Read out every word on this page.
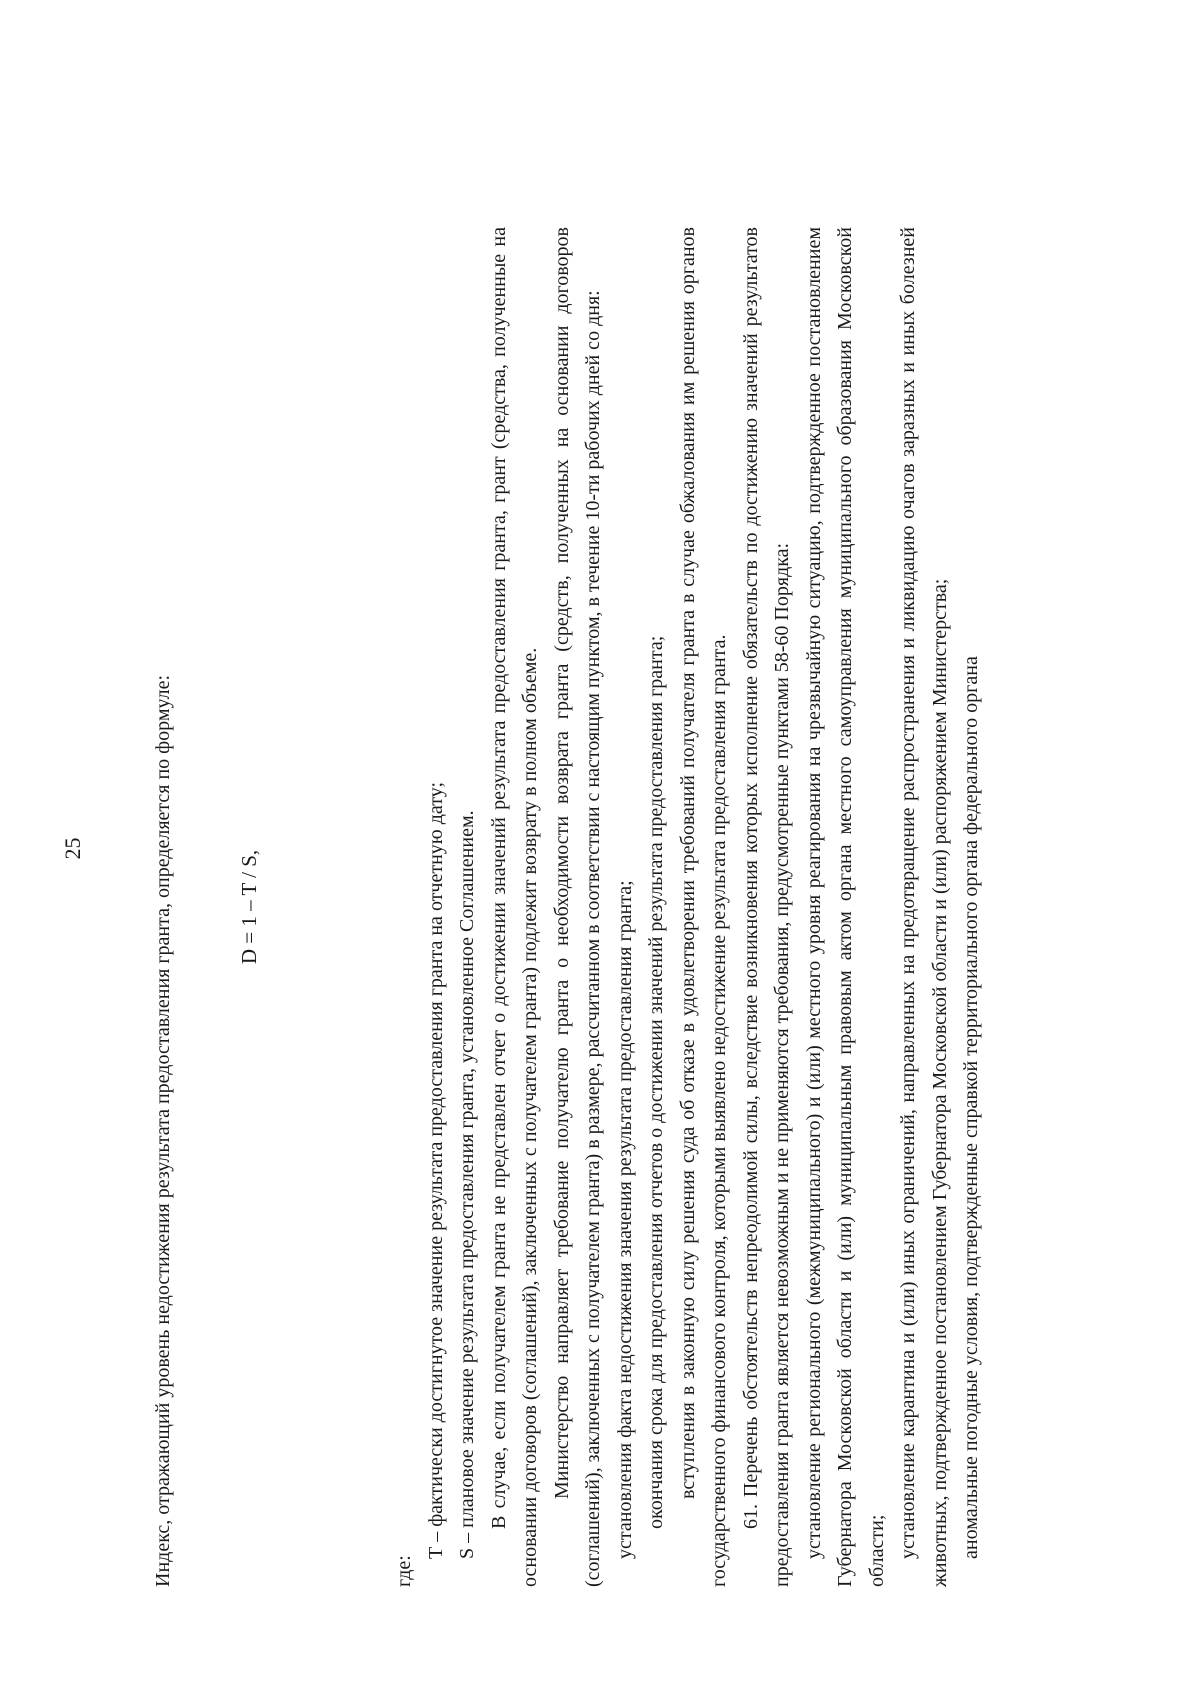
25	Индекс, отражающий уровень недостижения результата предоставления гранта, определяется по формуле:	D = 1 – T / S,

где:

Т – фактически достигнутое значение результата предоставления гранта на отчетную дату; S – плановое значение результата предоставления гранта, установленное Соглашением. В случае, если получателем гранта не представлен отчет о достижении значений результата предоставления гранта, грант (средства, полученные на основании договоров (соглашений), заключенных с получателем гранта) подлежит возврату в полном объеме. Министерство направляет требование получателю гранта о необходимости возврата гранта (средств, полученных на основании договоров (соглашений), заключенных с получателем гранта) в размере, рассчитанном в соответствии с настоящим пунктом, в течение 10-ти рабочих дней со дня: установления факта недостижения значения результата предоставления гранта; окончания срока для предоставления отчетов о достижении значений результата предоставления гранта; вступления в законную силу решения суда об отказе в удовлетворении требований получателя гранта в случае обжалования им решения органов государственного финансового контроля, которыми выявлено недостижение результата предоставления гранта. 61. Перечень обстоятельств непреодолимой силы, вследствие возникновения которых исполнение обязательств по достижению значений результатов предоставления гранта является невозможным и не применяются требования, предусмотренные пунктами 58-60 Порядка: установление регионального (межмуниципального) и (или) местного уровня реагирования на чрезвычайную ситуацию, подтвержденное постановлением Губернатора Московской области и (или) муниципальным правовым актом органа местного самоуправления муниципального образования Московской области; установление карантина и (или) иных ограничений, направленных на предотвращение распространения и ликвидацию очагов заразных и иных болезней животных, подтвержденное постановлением Губернатора Московской области и (или) распоряжением Министерства; аномальные погодные условия, подтвержденные справкой территориального органа федерального органа
